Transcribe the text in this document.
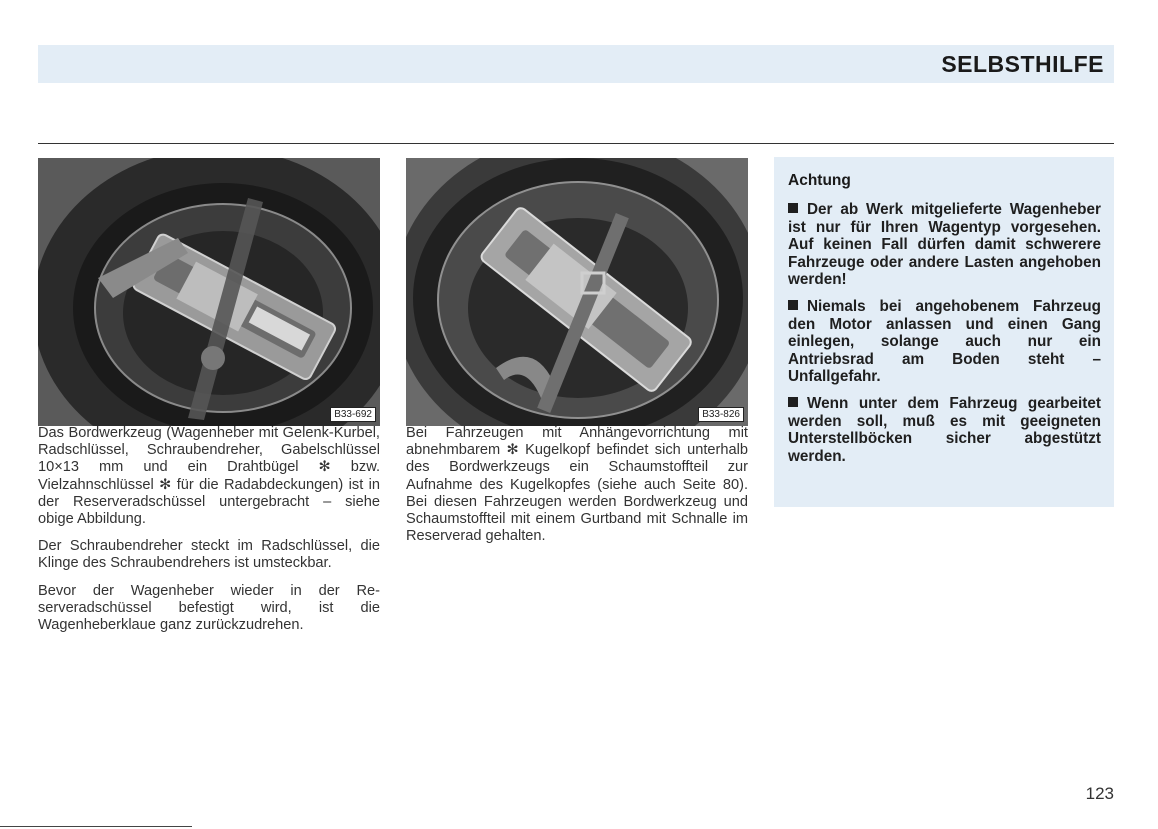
SELBSTHILFE
B33-692	B33-826

Das Bordwerkzeug (Wagenheber mit Gelenk-Kurbel, Radschlüssel, Schraubendreher, Gabelschlüssel 10×13 mm und ein Drahtbügel ✻ bzw. Vielzahnschlüssel ✻ für die Radabdeckungen) ist in der Reserveradschüssel untergebracht – siehe obige Abbildung.

Der Schraubendreher steckt im Radschlüssel, die Klinge des Schraubendrehers ist umsteckbar.

Bevor der Wagenheber wieder in der Reserveradschüssel befestigt wird, ist die Wagenheberklaue ganz zurückzudrehen.

Bei Fahrzeugen mit Anhängevorrichtung mit abnehmbarem ✻ Kugelkopf befindet sich unterhalb des Bordwerkzeugs ein Schaumstoffteil zur Aufnahme des Kugelkopfes (siehe auch Seite 80). Bei diesen Fahrzeugen werden Bordwerkzeug und Schaumstoffteil mit einem Gurtband mit Schnalle im Reserverad gehalten.

Achtung

Der ab Werk mitgelieferte Wagenheber ist nur für Ihren Wagentyp vorgesehen. Auf keinen Fall dürfen damit schwerere Fahrzeuge oder andere Lasten angehoben werden!

Niemals bei angehobenem Fahrzeug den Motor anlassen und einen Gang einlegen, solange auch nur ein Antriebsrad am Boden steht – Unfallgefahr.

Wenn unter dem Fahrzeug gearbeitet werden soll, muß es mit geeigneten Unterstellböcken sicher abgestützt werden.

123
